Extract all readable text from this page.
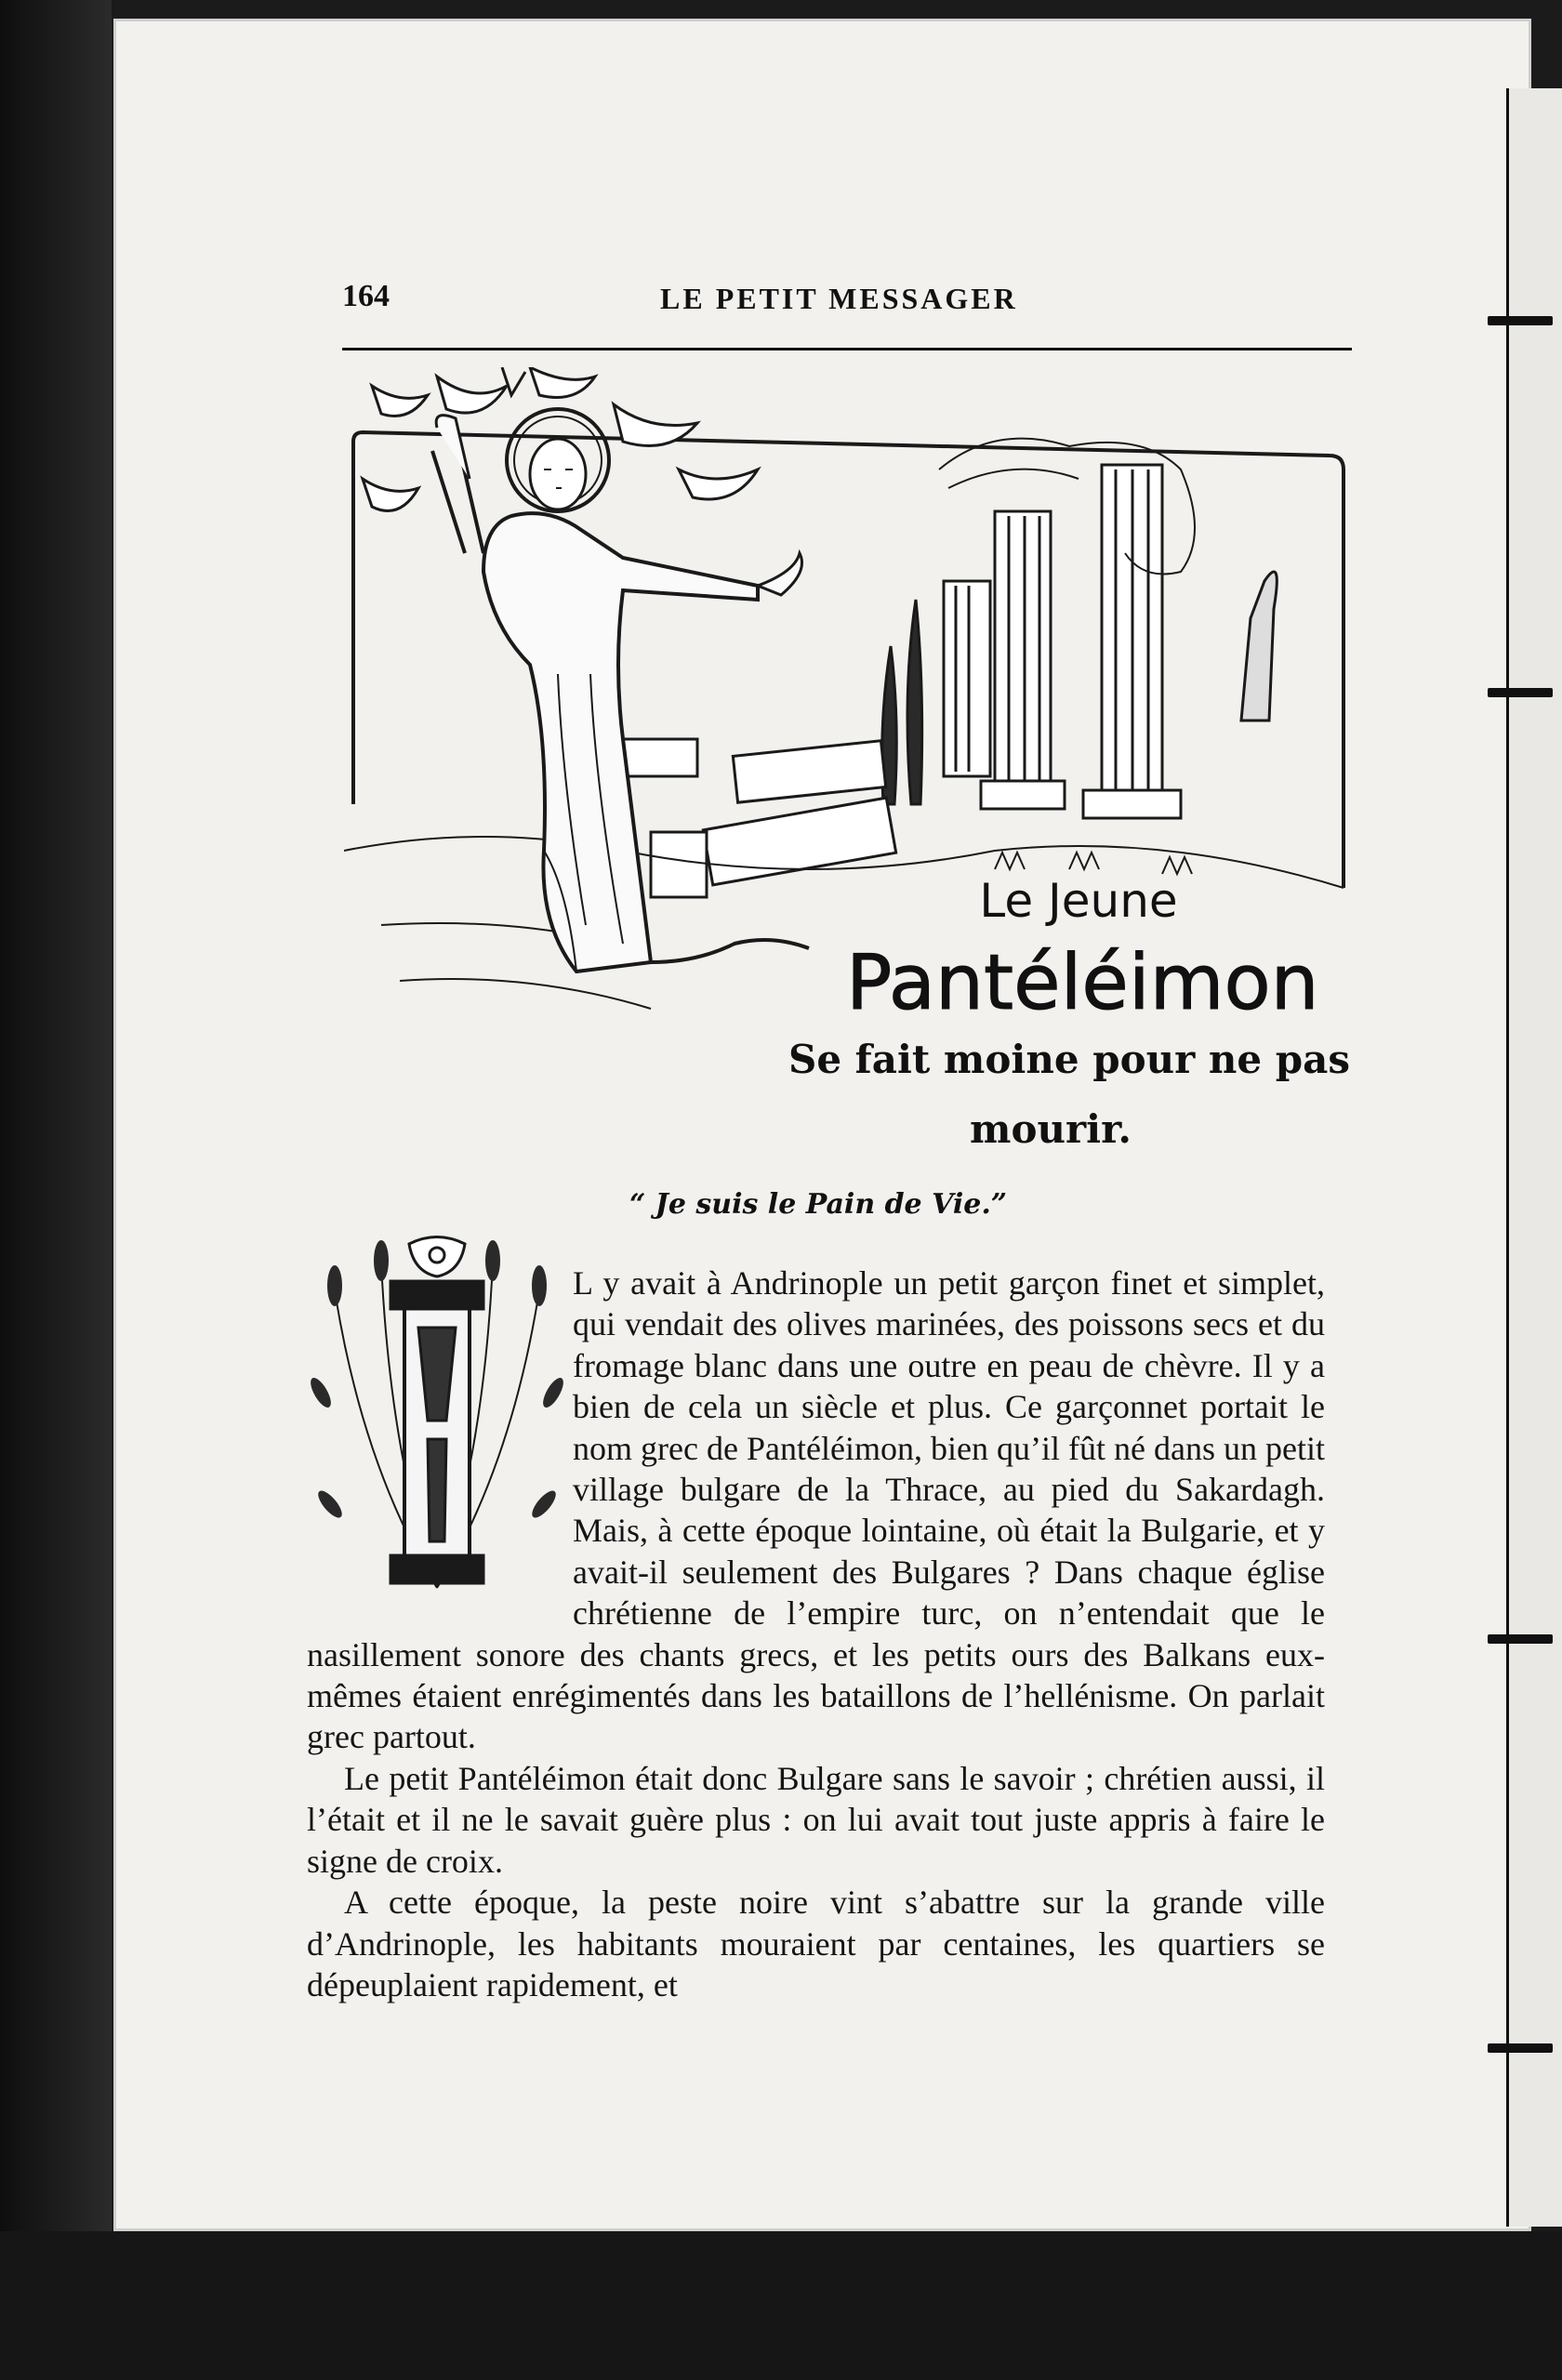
164	LE PETIT MESSAGER
Le Jeune
Pantéléimon
Se fait moine pour ne pas
mourir.
“ Je suis le Pain de Vie.”

L y avait à Andrinople un petit garçon finet et simplet, qui vendait des olives marinées, des poissons secs et du fromage blanc dans une outre en peau de chèvre. Il y a bien de cela un siècle et plus. Ce garçonnet portait le nom grec de Pantéléimon, bien qu’il fût né dans un petit village bulgare de la Thrace, au pied du Sakardagh. Mais, à cette époque lointaine, où était la Bulgarie, et y avait-il seulement des Bulgares ? Dans chaque église chrétienne de l’empire turc, on n’entendait que le nasillement sonore des chants grecs, et les petits ours des Balkans eux-mêmes étaient enrégimentés dans les bataillons de l’hellénisme. On parlait grec partout.

Le petit Pantéléimon était donc Bulgare sans le savoir ; chrétien aussi, il l’était et il ne le savait guère plus : on lui avait tout juste appris à faire le signe de croix.

A cette époque, la peste noire vint s’abattre sur la grande ville d’Andrinople, les habitants mouraient par centaines, les quartiers se dépeuplaient rapidement, et
